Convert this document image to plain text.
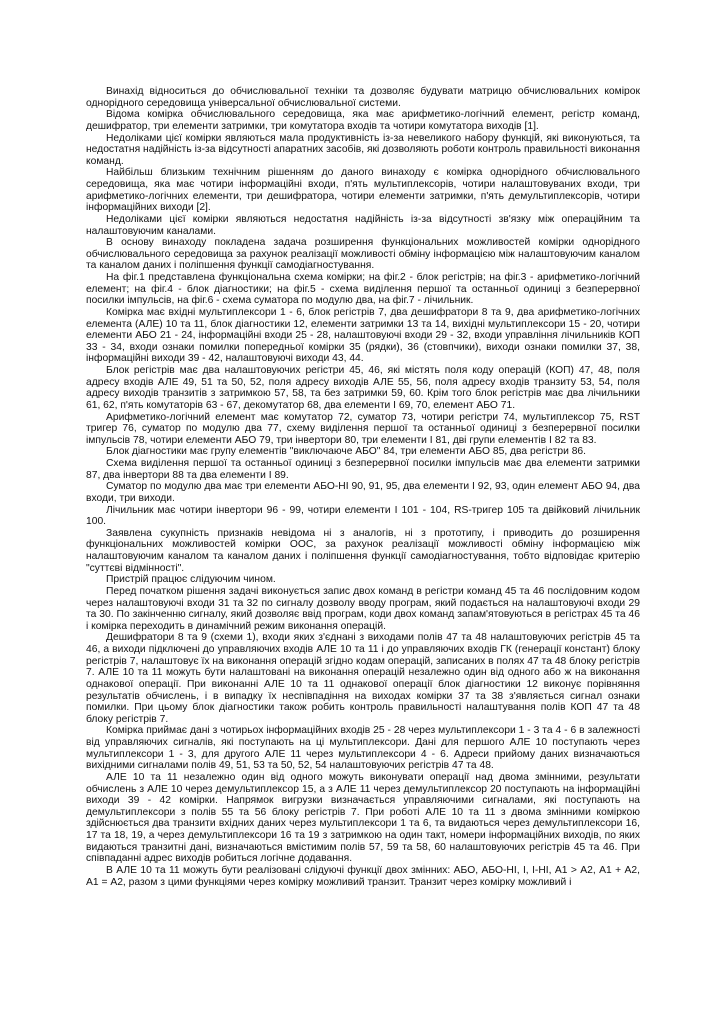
Винахід відноситься до обчислювальної техніки та дозволяє будувати матрицю обчислювальних комірок однорідного середовища універсальної обчислювальної системи.

Відома комірка обчислювального середовища, яка має арифметико-логічний елемент, регістр команд, дешифратор, три елементи затримки, три комутатора входів та чотири комутатора виходів [1].

Недоліками цієї комірки являються мала продуктивність із-за невеликого набору функцій, які виконуються, та недостатня надійність із-за відсутності апаратних засобів, які дозволяють роботи контроль правильності виконання команд.

Найбільш близьким технічним рішенням до даного винаходу є комірка однорідного обчислювального середовища, яка має чотири інформаційні входи, п'ять мультиплексорів, чотири налаштовуваних входи, три арифметико-логічних елементи, три дешифратора, чотири елементи затримки, п'ять демультиплексорів, чотири інформаційних виходи [2].

Недоліками цієї комірки являються недостатня надійність із-за відсутності зв'язку між операційним та налаштовуючим каналами.

В основу винаходу покладена задача розширення функціональних можливостей комірки однорідного обчислювального середовища за рахунок реалізації можливості обміну інформацією між налаштовуючим каналом та каналом даних і поліпшення функції самодіагностування.

На фіг.1 представлена функціональна схема комірки; на фіг.2 - блок регістрів; на фіг.3 - арифметико-логічний елемент; на фіг.4 - блок діагностики; на фіг.5 - схема виділення першої та останньої одиниці з безперервної посилки імпульсів, на фіг.6 - схема суматора по модулю два, на фіг.7 - лічильник.

Комірка має вхідні мультиплексори 1 - 6, блок регістрів 7, два дешифратори 8 та 9, два арифметико-логічних елемента (АЛЕ) 10 та 11, блок діагностики 12, елементи затримки 13 та 14, вихідні мультиплексори 15 - 20, чотири елементи АБО 21 - 24, інформаційні входи 25 - 28, налаштовуючі входи 29 - 32, входи управління лічильників КОП 33 - 34, входи ознаки помилки попередньої комірки 35 (рядки), 36 (стовпчики), виходи ознаки помилки 37, 38, інформаційні виходи 39 - 42, налаштовуючі виходи 43, 44.

Блок регістрів має два налаштовуючих регістри 45, 46, які містять поля коду операцій (КОП) 47, 48, поля адресу входів АЛЕ 49, 51 та 50, 52, поля адресу виходів АЛЕ 55, 56, поля адресу входів транзиту 53, 54, поля адресу виходів транзитів з затримкою 57, 58, та без затримки 59, 60. Крім того блок регістрів має два лічильники 61, 62, п'ять комутаторів 63 - 67, декомутатор 68, два елементи І 69, 70, елемент АБО 71.

Арифметико-логічний елемент має комутатор 72, суматор 73, чотири регістри 74, мультиплексор 75, RST тригер 76, суматор по модулю два 77, схему виділення першої та останньої одиниці з безперервної посилки імпульсів 78, чотири елементи АБО 79, три інвертори 80, три елементи І 81, дві групи елементів І 82 та 83.

Блок діагностики має групу елементів "виключаюче АБО" 84, три елементи АБО 85, два регістри 86.

Схема виділення першої та останньої одиниці з безперервної посилки імпульсів має два елементи затримки 87, два інвертори 88 та два елементи І 89.

Суматор по модулю два має три елементи АБО-НІ 90, 91, 95, два елементи І 92, 93, один елемент АБО 94, два входи, три виходи.

Лічильник має чотири інвертори 96 - 99, чотири елементи І 101 - 104, RS-тригер 105 та двійковий лічильник 100.

Заявлена сукупність признаків невідома ні з аналогів, ні з прототипу, і приводить до розширення функціональних можливостей комірки ООС, за рахунок реалізації можливості обміну інформацією між налаштовуючим каналом та каналом даних і поліпшення функції самодіагностування, тобто відповідає критерію "суттєві відмінності".

Пристрій працює слідуючим чином.

Перед початком рішення задачі виконується запис двох команд в регістри команд 45 та 46 послідовним кодом через налаштовуючі входи 31 та 32 по сигналу дозволу вводу програм, який подається на налаштовуючі входи 29 та 30. По закінченню сигналу, який дозволяє ввід програм, коди двох команд запам'ятовуються в регістрах 45 та 46 і комірка переходить в динамічний режим виконання операцій.

Дешифратори 8 та 9 (схеми 1), входи яких з'єднані з виходами полів 47 та 48 налаштовуючих регістрів 45 та 46, а виходи підключені до управляючих входів АЛЕ 10 та 11 і до управляючих входів ГК (генерації констант) блоку регістрів 7, налаштовує їх на виконання операцій згідно кодам операцій, записаних в полях 47 та 48 блоку регістрів 7. АЛЕ 10 та 11 можуть бути налаштовані на виконання операцій незалежно один від одного або ж на виконання однакової операції. При виконанні АЛЕ 10 та 11 однакової операції блок діагностики 12 виконує порівняння результатів обчислень, і в випадку їх неспівпадіння на виходах комірки 37 та 38 з'являється сигнал ознаки помилки. При цьому блок діагностики також робить контроль правильності налаштування полів КОП 47 та 48 блоку регістрів 7.

Комірка приймає дані з чотирьох інформаційних входів 25 - 28 через мультиплексори 1 - 3 та 4 - 6 в залежності від управляючих сигналів, які поступають на ці мультиплексори. Дані для першого АЛЕ 10 поступають через мультиплексори 1 - 3, для другого АЛЕ 11 через мультиплексори 4 - 6. Адреси прийому даних визначаються вихідними сигналами полів 49, 51, 53 та 50, 52, 54 налаштовуючих регістрів 47 та 48.

АЛЕ 10 та 11 незалежно один від одного можуть виконувати операції над двома змінними, результати обчислень з АЛЕ 10 через демультиплексор 15, а з АЛЕ 11 через демультиплексор 20 поступають на інформаційні виходи 39 - 42 комірки. Напрямок вигрузки визначається управляючими сигналами, які поступають на демультиплексори з полів 55 та 56 блоку регістрів 7. При роботі АЛЕ 10 та 11 з двома змінними коміркою здійснюється два транзити вхідних даних через мультиплексори 1 та 6, та видаються через демультиплексори 16, 17 та 18, 19, а через демультиплексори 16 та 19 з затримкою на один такт, номери інформаційних виходів, по яких видаються транзитні дані, визначаються вмістимим полів 57, 59 та 58, 60 налаштовуючих регістрів 45 та 46. При співпаданні адрес виходів робиться логічне додавання.

В АЛЕ 10 та 11 можуть бути реалізовані слідуючі функції двох змінних: АБО, АБО-НІ, І, І-НІ, А1 > А2, А1 + А2, А1 = А2, разом з цими функціями через комірку можливий транзит. Транзит через комірку можливий і
